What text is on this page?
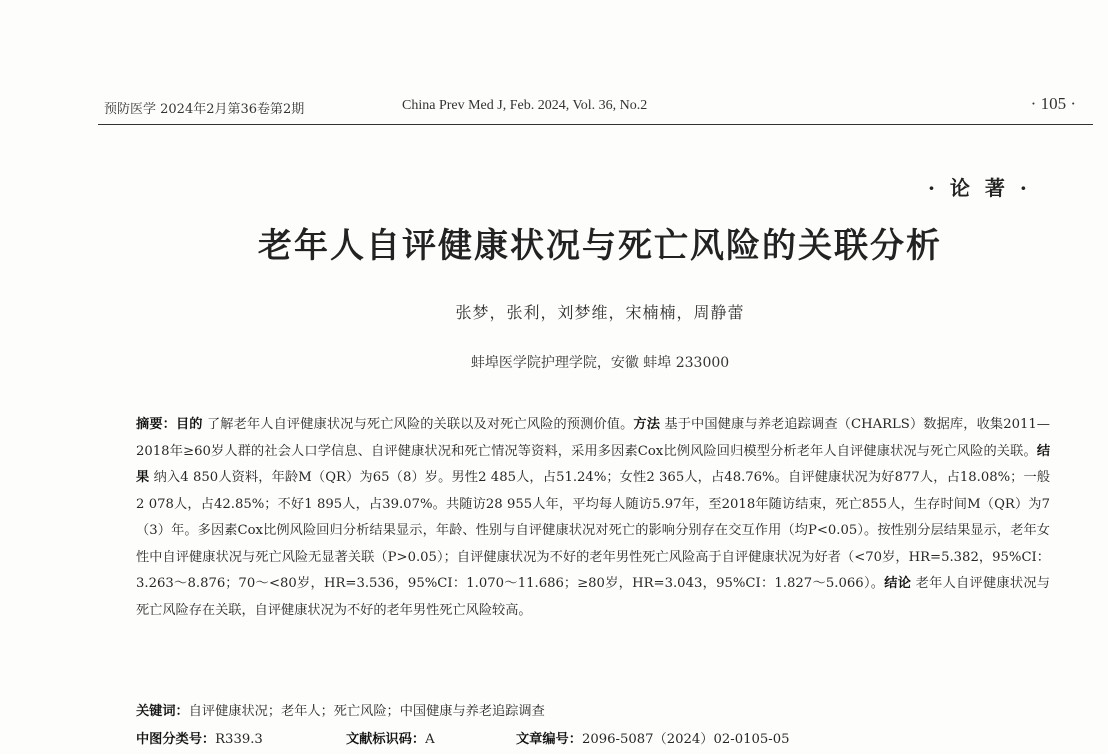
预防医学 2024年2月第36卷第2期	China Prev Med J, Feb. 2024, Vol. 36, No.2	· 105 ·
· 论 著 ·
老年人自评健康状况与死亡风险的关联分析
张梦，张利，刘梦维，宋楠楠，周静蕾
蚌埠医学院护理学院，安徽 蚌埠 233000
摘要：目的 了解老年人自评健康状况与死亡风险的关联以及对死亡风险的预测价值。方法 基于中国健康与养老追踪调查（CHARLS）数据库，收集2011—2018年≥60岁人群的社会人口学信息、自评健康状况和死亡情况等资料，采用多因素Cox比例风险回归模型分析老年人自评健康状况与死亡风险的关联。结果 纳入4 850人资料，年龄M（QR）为65（8）岁。男性2 485人，占51.24%；女性2 365人，占48.76%。自评健康状况为好877人，占18.08%；一般2 078人，占42.85%；不好1 895人，占39.07%。共随访28 955人年，平均每人随访5.97年，至2018年随访结束，死亡855人，生存时间M（QR）为7（3）年。多因素Cox比例风险回归分析结果显示，年龄、性别与自评健康状况对死亡的影响分别存在交互作用（均P<0.05）。按性别分层结果显示，老年女性中自评健康状况与死亡风险无显著关联（P>0.05）；自评健康状况为不好的老年男性死亡风险高于自评健康状况为好者（<70岁，HR=5.382，95%CI：3.263～8.876；70～<80岁，HR=3.536，95%CI：1.070～11.686；≥80岁，HR=3.043，95%CI：1.827～5.066）。结论 老年人自评健康状况与死亡风险存在关联，自评健康状况为不好的老年男性死亡风险较高。
关键词：自评健康状况；老年人；死亡风险；中国健康与养老追踪调查
中图分类号：R339.3	文献标识码：A	文章编号：2096-5087（2024）02-0105-05
